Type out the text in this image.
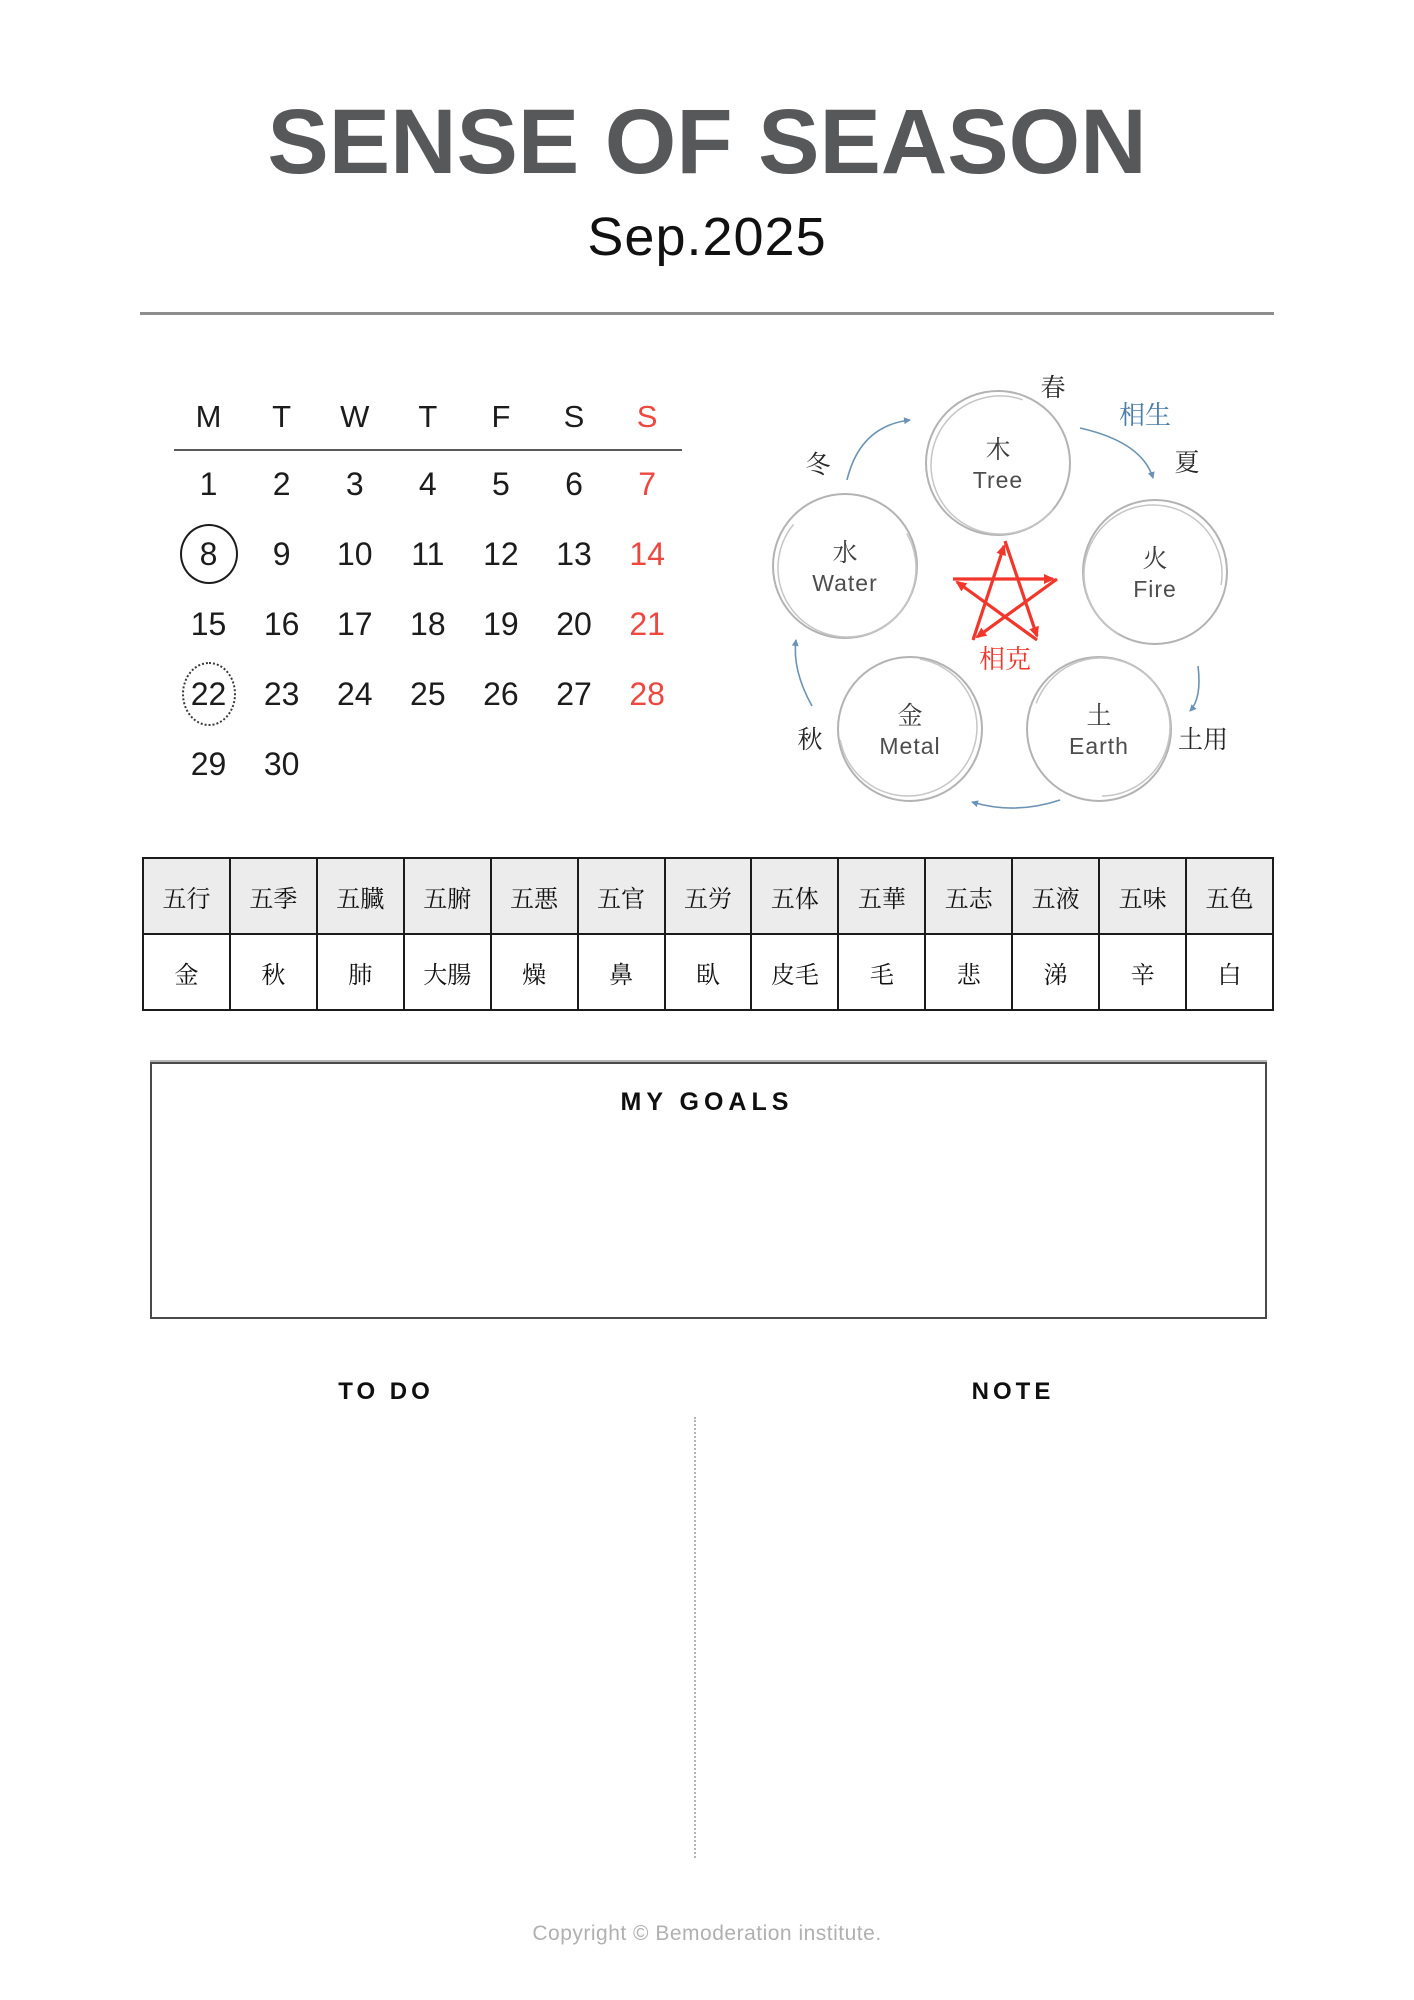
SENSE OF SEASON
Sep.2025
M	T	W	T	F	S	S
1	2	3	4	5	6	7
8	9	10	11	12	13	14
15	16	17	18	19	20	21
22	23	24	25	26	27	28
29	30
木
Tree
火
Fire
土
Earth
金
Metal
水
Water
春
夏
土用
秋
冬
相生
相克
五行	五季	五臓	五腑	五悪	五官	五労	五体	五華	五志	五液	五味	五色
金	秋	肺	大腸	燥	鼻	臥	皮毛	毛	悲	涕	辛	白
MY GOALS
TO DO	NOTE
Copyright © Bemoderation institute.
